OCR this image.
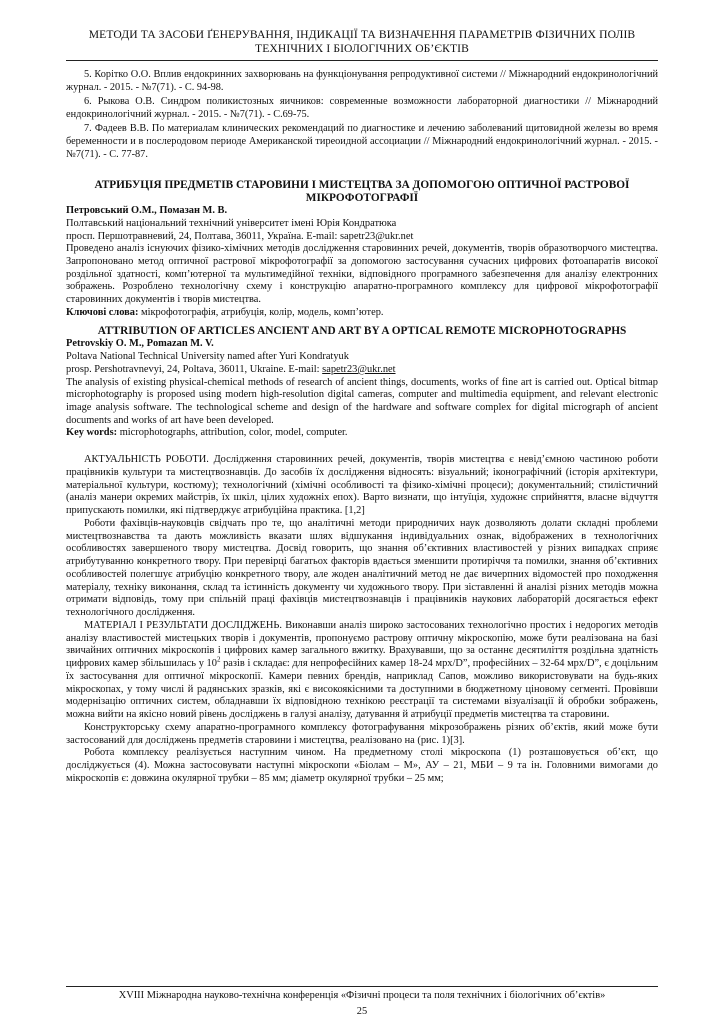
МЕТОДИ ТА ЗАСОБИ ҐЕНЕРУВАННЯ, ІНДИКАЦІЇ ТА ВИЗНАЧЕННЯ ПАРАМЕТРІВ ФІЗИЧНИХ ПОЛІВ
ТЕХНІЧНИХ І БІОЛОГІЧНИХ ОБ’ЄКТІВ

5. Корітко О.О. Вплив ендокринних захворювань на функціонування репродуктивної системи // Міжнародний ендокринологічний журнал. - 2015. - №7(71). - С. 94-98.

6. Рыкова О.В. Синдром поликистозных яичников: современные возможности лабораторной диагностики // Міжнародний ендокринологічний журнал. - 2015. - №7(71). - С.69-75.

7. Фадеев В.В. По материалам клинических рекомендаций по диагностике и лечению заболеваний щитовидной железы во время беременности и в послеродовом периоде Американской тиреоидной ассоциации // Міжнародний ендокринологічний журнал. - 2015. - №7(71). - С. 77-87.

АТРИБУЦІЯ ПРЕДМЕТІВ СТАРОВИНИ І МИСТЕЦТВА ЗА ДОПОМОГОЮ ОПТИЧНОЇ РАСТРОВОЇ МІКРОФОТОГРАФІЇ

Петровський О.М., Помазан М. В.

Полтавський національний технічний університет імені Юрія Кондратюка

просп. Першотравневий, 24, Полтава, 36011, Україна. E-mail: sapetr23@ukr.net

Проведено аналіз існуючих фізико-хімічних методів дослідження старовинних речей, документів, творів образотворчого мистецтва. Запропоновано метод оптичної растрової мікрофотографії за допомогою застосування сучасних цифрових фотоапаратів високої роздільної здатності, комп’ютерної та мультимедійної техніки, відповідного програмного забезпечення для аналізу електронних зображень. Розроблено технологічну схему і конструкцію апаратно-програмного комплексу для цифрової мікрофотографії старовинних документів і творів мистецтва.

Ключові слова: мікрофотографія, атрибуція, колір, модель, комп’ютер.

ATTRIBUTION OF ARTICLES ANCIENT AND ART BY A OPTICAL REMOTE MICROPHOTOGRAPHS

Petrovskiy O. M., Pomazan M. V.

Poltava National Technical University named after Yuri Kondratyuk

prosp. Pershotravnevyi, 24, Poltava, 36011, Ukraine. E-mail: sapetr23@ukr.net

The analysis of existing physical-chemical methods of research of ancient things, documents, works of fine art is carried out. Optical bitmap microphotography is proposed using modern high-resolution digital cameras, computer and multimedia equipment, and relevant electronic image analysis software. The technological scheme and design of the hardware and software complex for digital micrograph of ancient documents and works of art have been developed.

Key words: microphotographs, attribution, color, model, computer.

АКТУАЛЬНІСТЬ РОБОТИ. Дослідження старовинних речей, документів, творів мистецтва є невід’ємною частиною роботи працівників культури та мистецтвознавців. До засобів їх дослідження відносять: візуальний; іконографічний (історія архітектури, матеріальної культури, костюму); технологічний (хімічні особливості та фізико-хімічні процеси); документальний; стилістичний (аналіз манери окремих майстрів, їх шкіл, цілих художніх епох). Варто визнати, що інтуїція, художнє сприйняття, власне відчуття припускають помилки, які підтверджує атрибуційна практика. [1,2]

Роботи фахівців-науковців свідчать про те, що аналітичні методи природничих наук дозволяють долати складні проблеми мистецтвознавства та дають можливість вказати шлях відшукання індивідуальних ознак, відображених в технологічних особливостях завершеного твору мистецтва. Досвід говорить, що знання об’єктивних властивостей у різних випадках сприяє атрибутуванню конкретного твору. При перевірці багатьох факторів вдається зменшити протиріччя та помилки, знання об’єктивних особливостей полегшує атрибуцію конкретного твору, але жоден аналітичний метод не дає вичерпних відомостей про походження матеріалу, техніку виконання, склад та істинність документу чи художнього твору. При зіставленні й аналізі різних методів можна отримати відповідь, тому при спільній праці фахівців мистецтвознавців і працівників наукових лабораторій досягається ефект технологічного дослідження.

МАТЕРІАЛ І РЕЗУЛЬТАТИ ДОСЛІДЖЕНЬ. Виконавши аналіз широко застосованих технологічно простих і недорогих методів аналізу властивостей мистецьких творів і документів, пропонуємо растрову оптичну мікроскопію, може бути реалізована на базі звичайних оптичних мікроскопів і цифрових камер загального вжитку. Врахувавши, що за останнє десятиліття роздільна здатність цифрових камер збільшилась у $10^2$ разів і складає: для непрофесійних камер 18-24 мрх/D”, професійних – 32-64 мрх/D”, є доцільним їх застосування для оптичної мікроскопії. Камери певних брендів, наприклад Сапов, можливо використовувати на будь-яких мікроскопах, у тому числі й радянських зразків, які є високоякісними та доступними в бюджетному ціновому сегменті. Провівши модернізацію оптичних систем, обладнавши їх відповідною технікою реєстрації та системами візуалізації й обробки зображень, можна вийти на якісно новий рівень досліджень в галузі аналізу, датування й атрибуції предметів мистецтва та старовини.

Конструкторську схему апаратно-програмного комплексу фотографування мікрозображень різних об’єктів, який може бути застосований для досліджень предметів старовини і мистецтва, реалізовано на (рис. 1)[3].

Робота комплексу реалізується наступним чином. На предметному столі мікроскопа (1) розташовується об’єкт, що досліджується (4). Можна застосовувати наступні мікроскопи «Біолам – М», АУ – 21, МБИ – 9 та ін. Головними вимогами до мікроскопів є: довжина окулярної трубки – 85 мм; діаметр окулярної трубки – 25 мм;

XVIII Міжнародна науково-технічна конференція «Фізичні процеси та поля технічних і біологічних об’єктів»
25
